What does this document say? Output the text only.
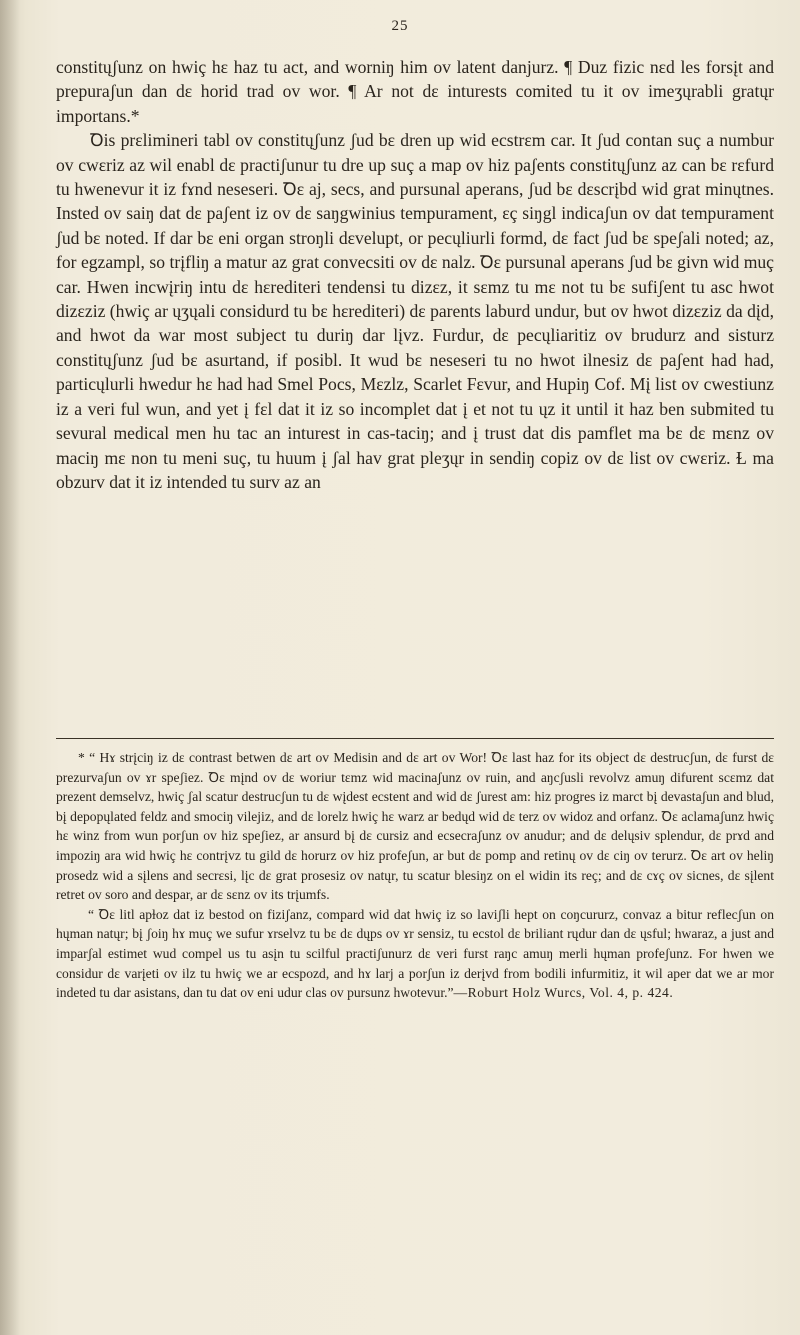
25

constitųʃunz on hwiç hɛ haz tu act, and worniŋ him ov latent danjurz. ¶ Duz fizic nɛd les forsįt and prepuraʃun dan dɛ horid trad ov wor. ¶ Ar not dɛ inturests comited tu it ov imeʒųrabli gratųr importans.*

Ꝺis prɛlimineri tabl ov constitųʃunz ʃud bɛ dren up wid ecstrɛm car. It ʃud contan suç a numbur ov cwɛriz az wil enabl dɛ practiʃunur tu dre up suç a map ov hiz paʃents constitųʃunz az can bɛ rɛfurd tu hwenevur it iz fɤnd neseseri. Ꝺɛ aj, secs, and pursunal aperans, ʃud bɛ dɛscrįbd wid grat minųtnes. Insted ov saiŋ dat dɛ paʃent iz ov dɛ saŋgwinius tempurament, ɛç siŋgl indicaʃun ov dat tempurament ʃud bɛ noted. If dar bɛ eni organ stroŋli dɛvelupt, or pecųliurli formd, dɛ fact ʃud bɛ speʃali noted; az, for egzampl, so trįfliŋ a matur az grat convecsiti ov dɛ nalz. Ꝺɛ pursunal aperans ʃud bɛ givn wid muç car. Hwen incwįriŋ intu dɛ hɛrediteri tendensi tu dizɛz, it sɛmz tu mɛ not tu bɛ sufiʃent tu asc hwot dizɛziz (hwiç ar ųʒųali considurd tu bɛ hɛrediteri) dɛ parents laburd undur, but ov hwot dizɛziz da dįd, and hwot da war most subject tu duriŋ dar lįvz. Furdur, dɛ pecųliaritiz ov brudurz and sisturz constitųʃunz ʃud bɛ asurtand, if posibl. It wud bɛ neseseri tu no hwot ilnesiz dɛ paʃent had had, particųlurli hwedur hɛ had had Smel Pocs, Mɛzlz, Scarlet Fɛvur, and Hupiŋ Cof. Mį list ov cwestiunz iz a veri ful wun, and yet į fɛl dat it iz so incomplet dat į et not tu ųz it until it haz ben submited tu sevural medical men hu tac an inturest in cas-taciŋ; and į trust dat dis pamflet ma bɛ dɛ mɛnz ov maciŋ mɛ non tu meni suç, tu huum į ʃal hav grat pleʒųr in sendiŋ copiz ov dɛ list ov cwɛriz. Ɫ ma obzurv dat it iz intended tu surv az an

* “ Hɤ strįciŋ iz dɛ contrast betwen dɛ art ov Medisin and dɛ art ov Wor! Ꝺɛ last haz for its object dɛ destrucʃun, dɛ furst dɛ prezurvaʃun ov ɤr speʃiez. Ꝺɛ mįnd ov dɛ woriur tɛmz wid macinaʃunz ov ruin, and aŋcʃusli revolvz amuŋ difurent scɛmz dat prezent demselvz, hwiç ʃal scatur destrucʃun tu dɛ wįdest ecstent and wid dɛ ʃurest am: hiz progres iz marct bį devastaʃun and blud, bį depopųlated feldz and smociŋ vilejiz, and dɛ lorelz hwiç hɛ warz ar bedųd wid dɛ terz ov widoz and orfanz. Ꝺɛ aclamaʃunz hwiç hɛ winz from wun porʃun ov hiz speʃiez, ar ansurd bį dɛ cursiz and ecsecraʃunz ov anudur; and dɛ delųsiv splendur, dɛ prɤd and impoziŋ ara wid hwiç hɛ contrįvz tu gild dɛ horurz ov hiz profeʃun, ar but dɛ pomp and retinų ov dɛ ciŋ ov terurz. Ꝺɛ art ov heliŋ prosedz wid a sįlens and secrɛsi, lįc dɛ grat prosesiz ov natųr, tu scatur blesiŋz on el widin its reç; and dɛ cɤç ov sicnes, dɛ sįlent retret ov soro and despar, ar dɛ sɛnz ov its trįumfs.

“ Ꝺɛ litl apɫoz dat iz bestod on fiziʃanz, compard wid dat hwiç iz so laviʃli hept on coŋcururz, convaz a bitur reflecʃun on hųman natųr; bį ʃoiŋ hɤ muç we sufur ɤrselvz tu bɛ dɛ dųps ov ɤr sensiz, tu ecstol dɛ briliant rųdur dan dɛ ųsful; hwaraz, a just and imparʃal estimet wud compel us tu asįn tu scilful practiʃunurz dɛ veri furst raŋc amuŋ merli hųman profeʃunz. For hwen we considur dɛ varįeti ov ilz tu hwiç we ar ecspozd, and hɤ larj a porʃun iz derįvd from bodili infurmitiz, it wil aper dat we ar mor indeted tu dar asistans, dan tu dat ov eni udur clas ov pursunz hwotevur.”—Roburt Holz Wurcs, Vol. 4, p. 424.
